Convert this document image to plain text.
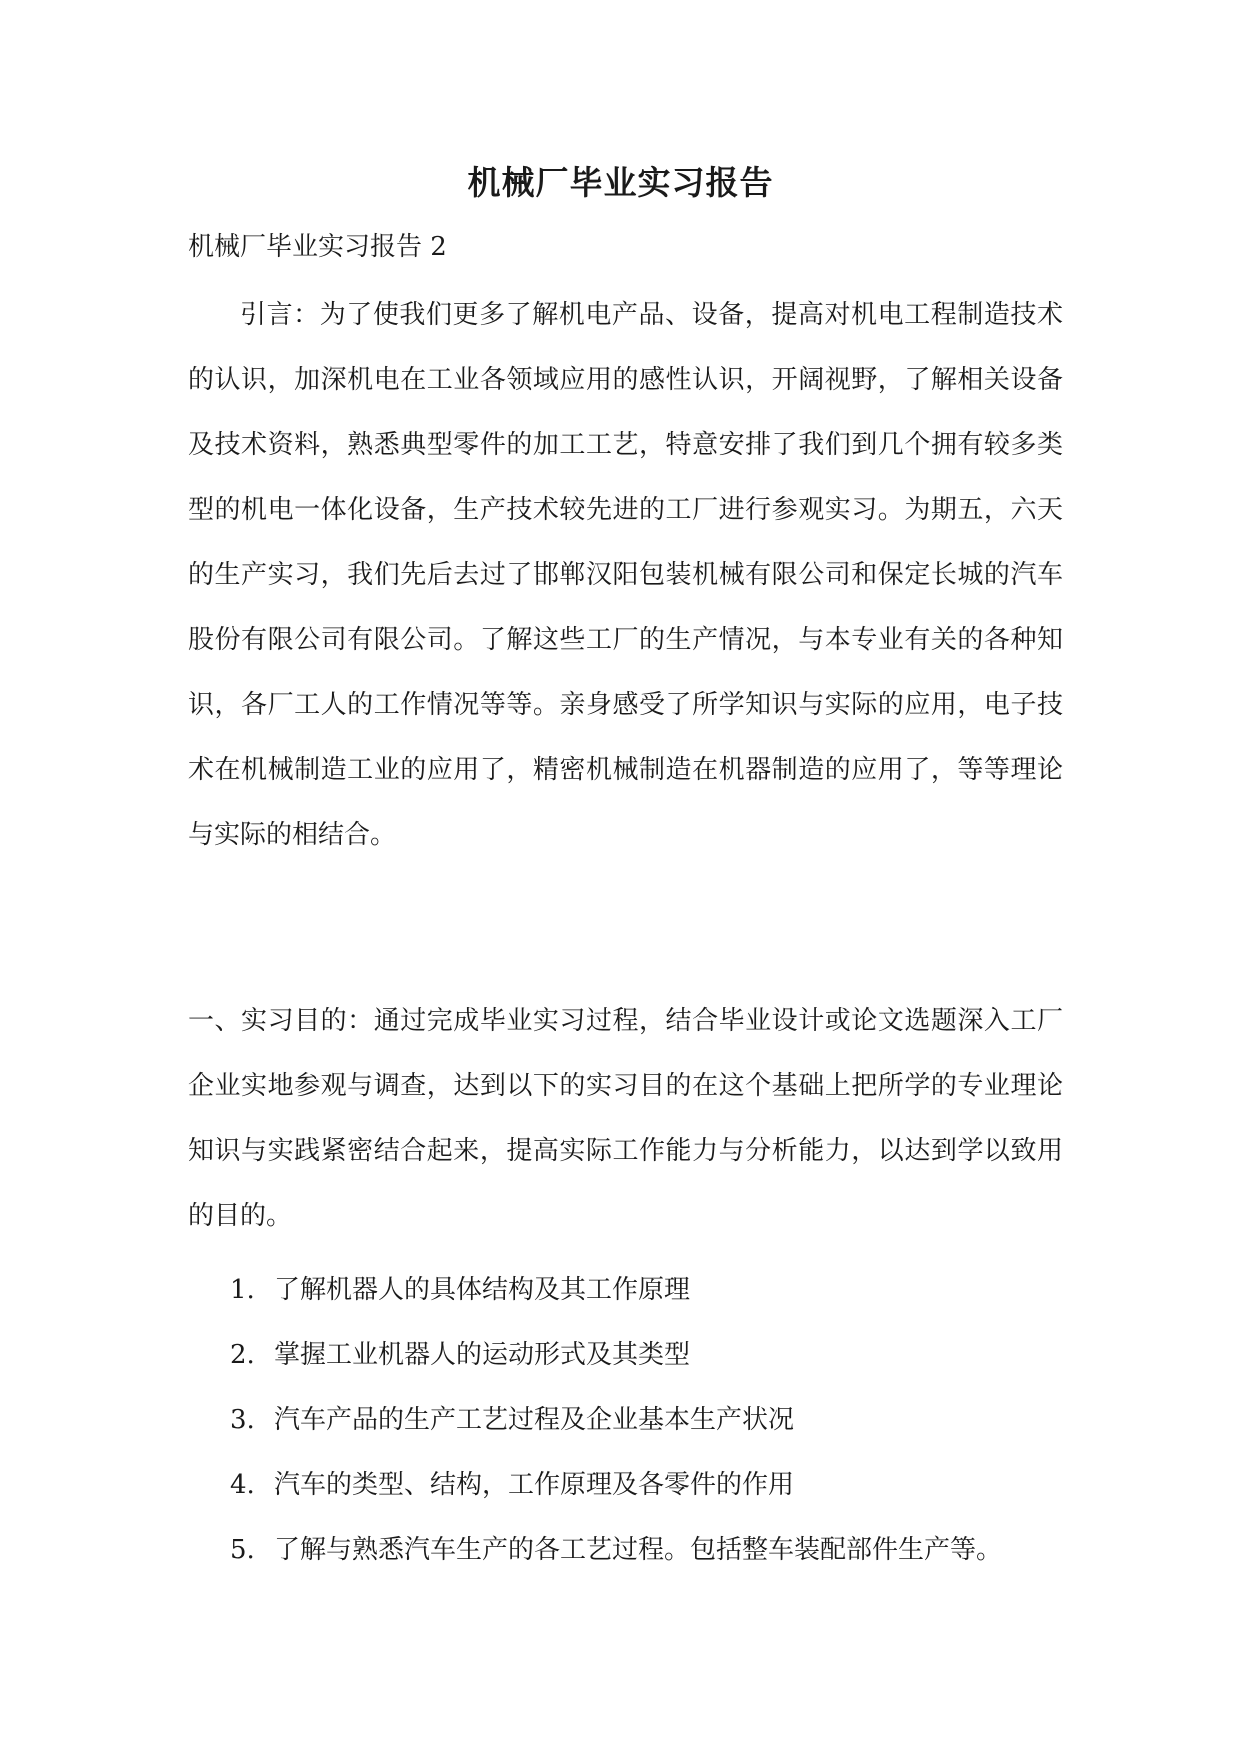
机械厂毕业实习报告
机械厂毕业实习报告 2

引言：为了使我们更多了解机电产品、设备，提高对机电工程制造技术的认识，加深机电在工业各领域应用的感性认识，开阔视野，了解相关设备及技术资料，熟悉典型零件的加工工艺，特意安排了我们到几个拥有较多类型的机电一体化设备，生产技术较先进的工厂进行参观实习。为期五，六天的生产实习，我们先后去过了邯郸汉阳包装机械有限公司和保定长城的汽车股份有限公司有限公司。了解这些工厂的生产情况，与本专业有关的各种知识，各厂工人的工作情况等等。亲身感受了所学知识与实际的应用，电子技术在机械制造工业的应用了，精密机械制造在机器制造的应用了，等等理论与实际的相结合。

一、实习目的：通过完成毕业实习过程，结合毕业设计或论文选题深入工厂企业实地参观与调查，达到以下的实习目的在这个基础上把所学的专业理论知识与实践紧密结合起来，提高实际工作能力与分析能力，以达到学以致用的目的。

1. 了解机器人的具体结构及其工作原理
2. 掌握工业机器人的运动形式及其类型
3. 汽车产品的生产工艺过程及企业基本生产状况
4. 汽车的类型、结构，工作原理及各零件的作用
5. 了解与熟悉汽车生产的各工艺过程。包括整车装配部件生产等。
